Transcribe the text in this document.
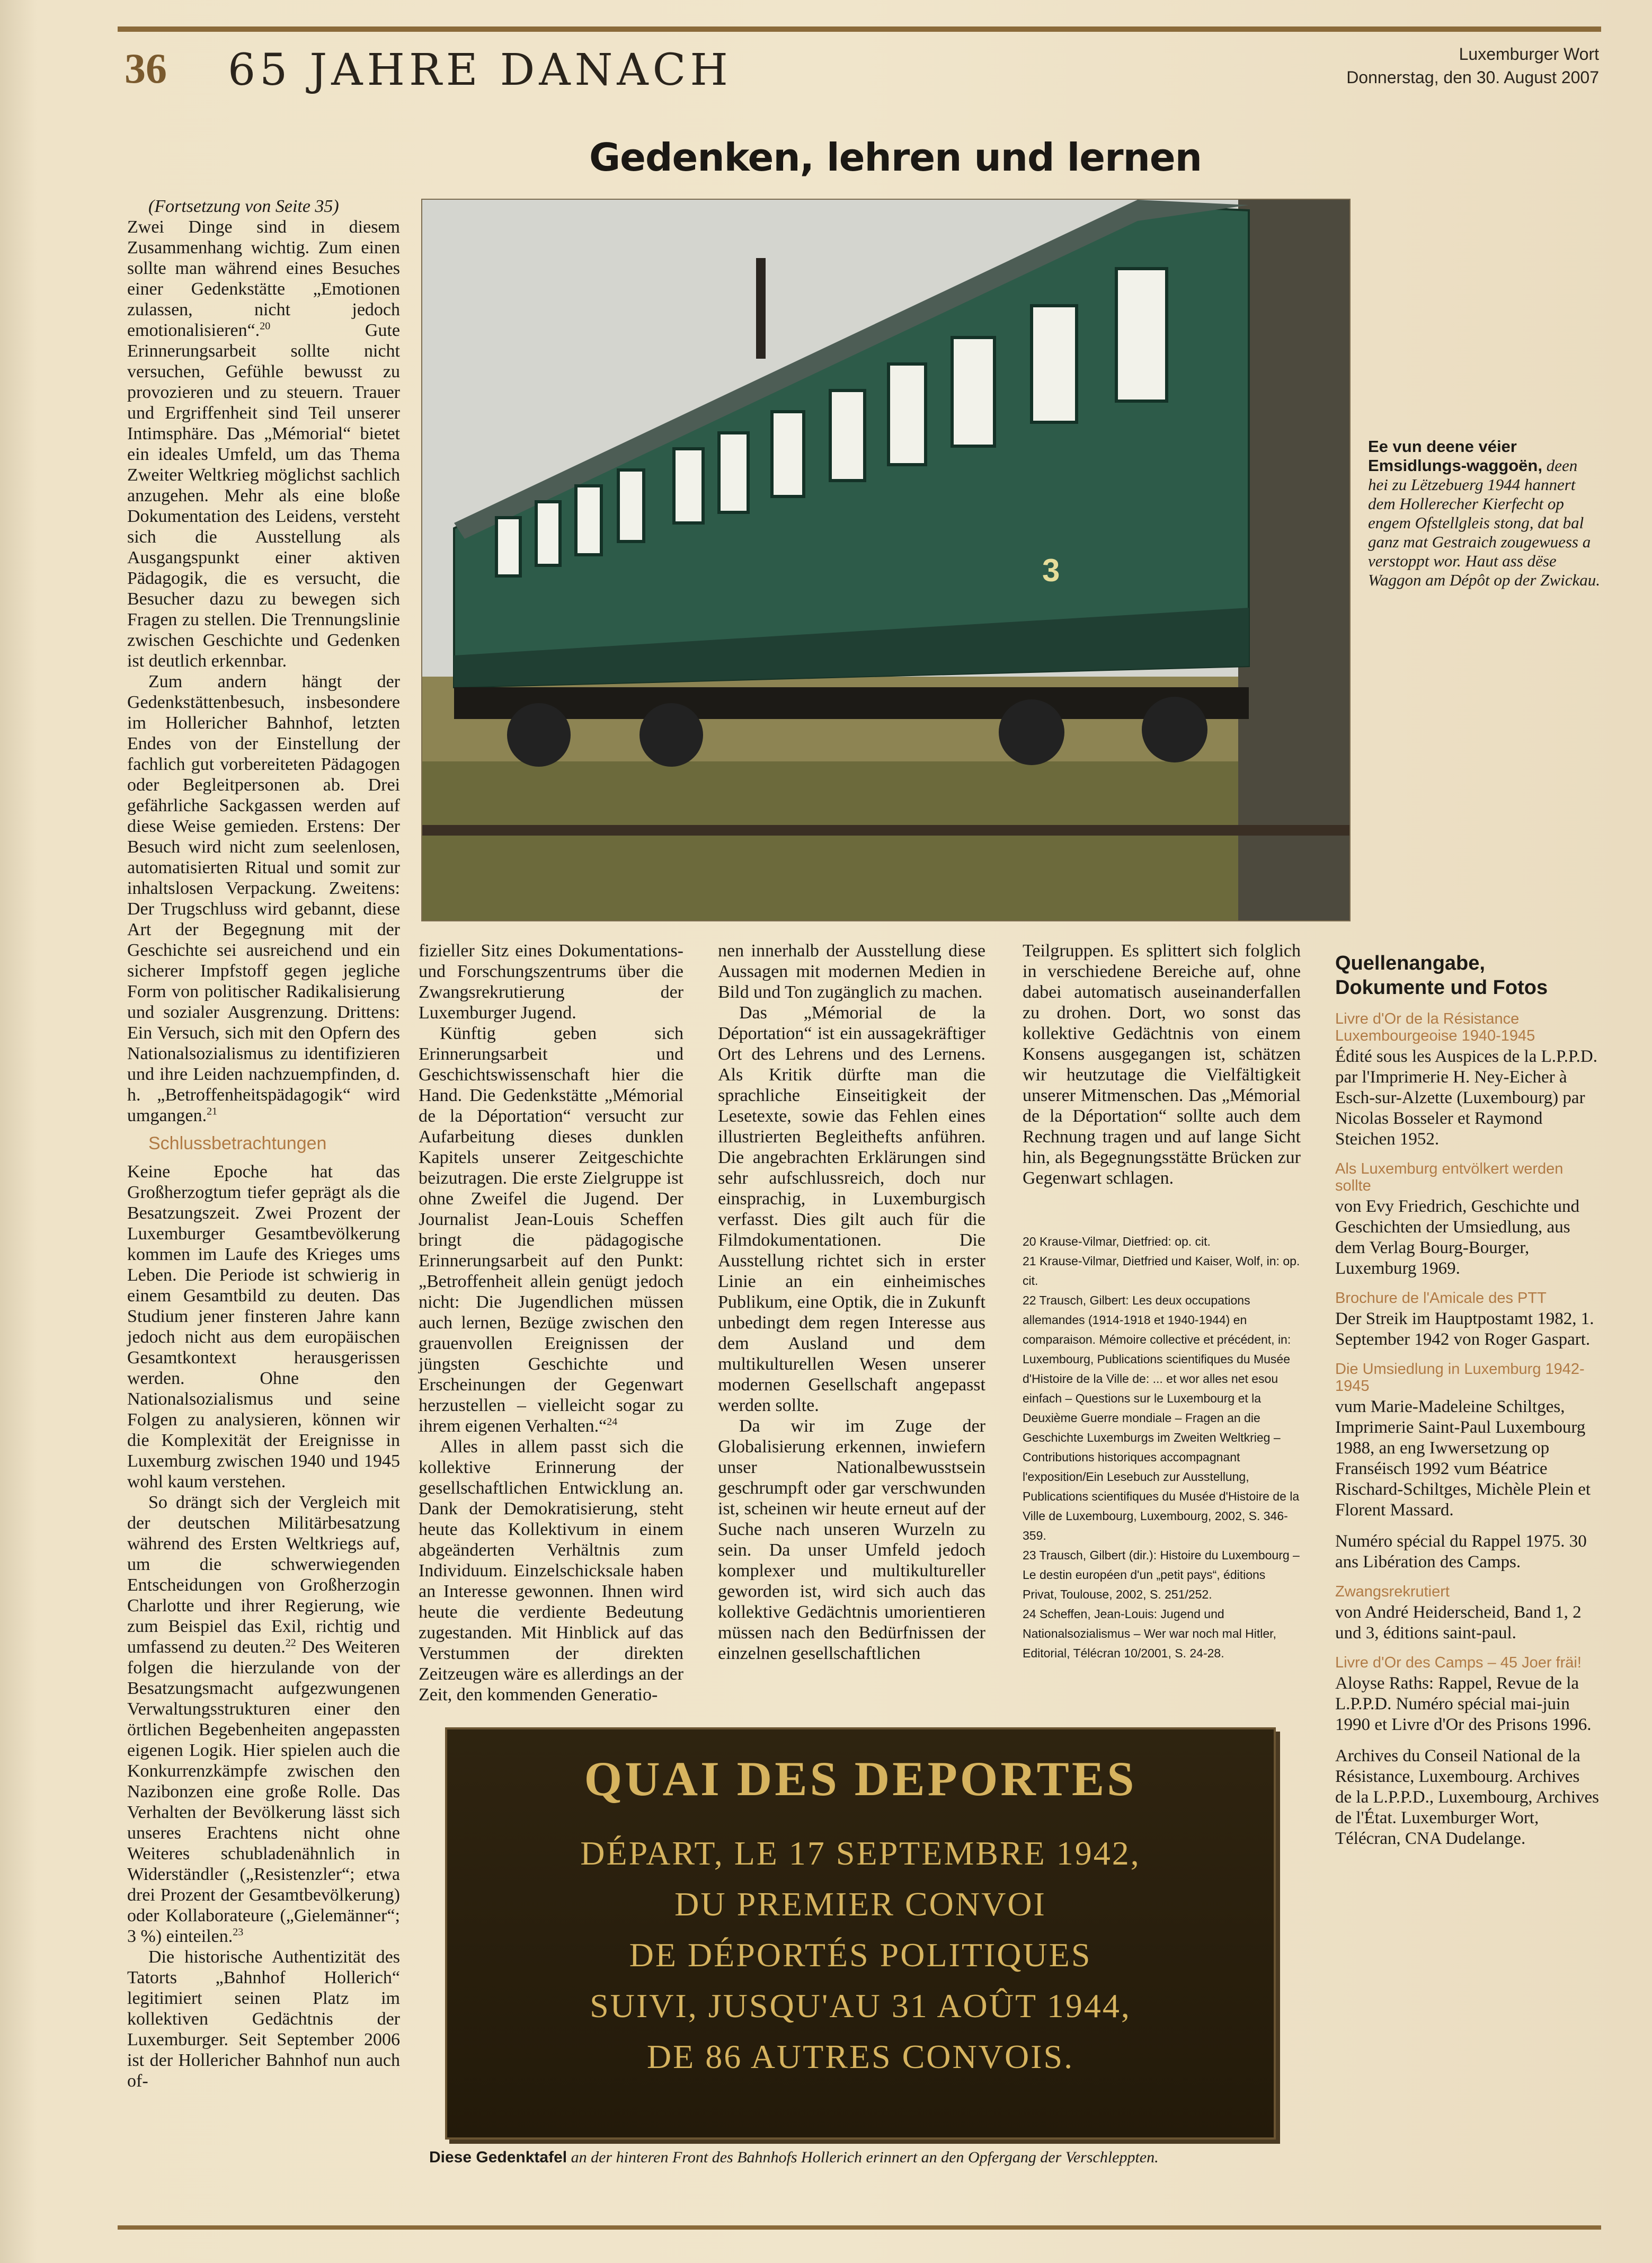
36 65 JAHRE DANACH	Luxemburger Wort
Donnerstag, den 30. August 2007
Gedenken, lehren und lernen
3
Ee vun deene véier Emsidlungs-waggoën, deen hei zu Lëtzebuerg 1944 hannert dem Hollerecher Kierfecht op engem Ofstellgleis stong, dat bal ganz mat Gestraich zougewuess a verstoppt wor. Haut ass dëse Waggon am Dépôt op der Zwickau.

(Fortsetzung von Seite 35)

Zwei Dinge sind in diesem Zusammenhang wichtig. Zum einen sollte man während eines Besuches einer Gedenkstätte „Emotionen zulassen, nicht jedoch emotionalisieren“.$^{20}$ Gute Erinnerungsarbeit sollte nicht versuchen, Gefühle bewusst zu provozieren und zu steuern. Trauer und Ergriffenheit sind Teil unserer Intimsphäre. Das „Mémorial“ bietet ein ideales Umfeld, um das Thema Zweiter Weltkrieg möglichst sachlich anzugehen. Mehr als eine bloße Dokumentation des Leidens, versteht sich die Ausstellung als Ausgangspunkt einer aktiven Pädagogik, die es versucht, die Besucher dazu zu bewegen sich Fragen zu stellen. Die Trennungslinie zwischen Geschichte und Gedenken ist deutlich erkennbar.

Zum andern hängt der Gedenkstättenbesuch, insbesondere im Hollericher Bahnhof, letzten Endes von der Einstellung der fachlich gut vorbereiteten Pädagogen oder Begleitpersonen ab. Drei gefährliche Sackgassen werden auf diese Weise gemieden. Erstens: Der Besuch wird nicht zum seelenlosen, automatisierten Ritual und somit zur inhaltslosen Verpackung. Zweitens: Der Trugschluss wird gebannt, diese Art der Begegnung mit der Geschichte sei ausreichend und ein sicherer Impfstoff gegen jegliche Form von politischer Radikalisierung und sozialer Ausgrenzung. Drittens: Ein Versuch, sich mit den Opfern des Nationalsozialismus zu identifizieren und ihre Leiden nachzuempfinden, d. h. „Betroffenheitspädagogik“ wird umgangen.$^{21}$

Schlussbetrachtungen

Keine Epoche hat das Großherzogtum tiefer geprägt als die Besatzungszeit. Zwei Prozent der Luxemburger Gesamtbevölkerung kommen im Laufe des Krieges ums Leben. Die Periode ist schwierig in einem Gesamtbild zu deuten. Das Studium jener finsteren Jahre kann jedoch nicht aus dem europäischen Gesamtkontext herausgerissen werden. Ohne den Nationalsozialismus und seine Folgen zu analysieren, können wir die Komplexität der Ereignisse in Luxemburg zwischen 1940 und 1945 wohl kaum verstehen.

So drängt sich der Vergleich mit der deutschen Militärbesatzung während des Ersten Weltkriegs auf, um die schwerwiegenden Entscheidungen von Großherzogin Charlotte und ihrer Regierung, wie zum Beispiel das Exil, richtig und umfassend zu deuten.$^{22}$ Des Weiteren folgen die hierzulande von der Besatzungsmacht aufgezwungenen Verwaltungsstrukturen einer den örtlichen Begebenheiten angepassten eigenen Logik. Hier spielen auch die Konkurrenzkämpfe zwischen den Nazibonzen eine große Rolle. Das Verhalten der Bevölkerung lässt sich unseres Erachtens nicht ohne Weiteres schubladenähnlich in Widerständler („Resistenzler“; etwa drei Prozent der Gesamtbevölkerung) oder Kollaborateure („Gielemänner“; 3 %) einteilen.$^{23}$

Die historische Authentizität des Tatorts „Bahnhof Hollerich“ legitimiert seinen Platz im kollektiven Gedächtnis der Luxemburger. Seit September 2006 ist der Hollericher Bahnhof nun auch of-

fizieller Sitz eines Dokumentations- und Forschungszentrums über die Zwangsrekrutierung der Luxemburger Jugend.

Künftig geben sich Erinnerungsarbeit und Geschichtswissenschaft hier die Hand. Die Gedenkstätte „Mémorial de la Déportation“ versucht zur Aufarbeitung dieses dunklen Kapitels unserer Zeitgeschichte beizutragen. Die erste Zielgruppe ist ohne Zweifel die Jugend. Der Journalist Jean-Louis Scheffen bringt die pädagogische Erinnerungsarbeit auf den Punkt: „Betroffenheit allein genügt jedoch nicht: Die Jugendlichen müssen auch lernen, Bezüge zwischen den grauenvollen Ereignissen der jüngsten Geschichte und Erscheinungen der Gegenwart herzustellen – vielleicht sogar zu ihrem eigenen Verhalten.“$^{24}$

Alles in allem passt sich die kollektive Erinnerung der gesellschaftlichen Entwicklung an. Dank der Demokratisierung, steht heute das Kollektivum in einem abgeänderten Verhältnis zum Individuum. Einzelschicksale haben an Interesse gewonnen. Ihnen wird heute die verdiente Bedeutung zugestanden. Mit Hinblick auf das Verstummen der direkten Zeitzeugen wäre es allerdings an der Zeit, den kommenden Generatio-

nen innerhalb der Ausstellung diese Aussagen mit modernen Medien in Bild und Ton zugänglich zu machen.

Das „Mémorial de la Déportation“ ist ein aussagekräftiger Ort des Lehrens und des Lernens. Als Kritik dürfte man die sprachliche Einseitigkeit der Lesetexte, sowie das Fehlen eines illustrierten Begleithefts anführen. Die angebrachten Erklärungen sind sehr aufschlussreich, doch nur einsprachig, in Luxemburgisch verfasst. Dies gilt auch für die Filmdokumentationen. Die Ausstellung richtet sich in erster Linie an ein einheimisches Publikum, eine Optik, die in Zukunft unbedingt dem regen Interesse aus dem Ausland und dem multikulturellen Wesen unserer modernen Gesellschaft angepasst werden sollte.

Da wir im Zuge der Globalisierung erkennen, inwiefern unser Nationalbewusstsein geschrumpft oder gar verschwunden ist, scheinen wir heute erneut auf der Suche nach unseren Wurzeln zu sein. Da unser Umfeld jedoch komplexer und multikultureller geworden ist, wird sich auch das kollektive Gedächtnis umorientieren müssen nach den Bedürfnissen der einzelnen gesellschaftlichen

Teilgruppen. Es splittert sich folglich in verschiedene Bereiche auf, ohne dabei automatisch auseinanderfallen zu drohen. Dort, wo sonst das kollektive Gedächtnis von einem Konsens ausgegangen ist, schätzen wir heutzutage die Vielfältigkeit unserer Mitmenschen. Das „Mémorial de la Déportation“ sollte auch dem Rechnung tragen und auf lange Sicht hin, als Begegnungsstätte Brücken zur Gegenwart schlagen.

20 Krause-Vilmar, Dietfried: op. cit.
21 Krause-Vilmar, Dietfried und Kaiser, Wolf, in: op. cit.
22 Trausch, Gilbert: Les deux occupations allemandes (1914-1918 et 1940-1944) en comparaison. Mémoire collective et précédent, in: Luxembourg, Publications scientifiques du Musée d'Histoire de la Ville de: ... et wor alles net esou einfach – Questions sur le Luxembourg et la Deuxième Guerre mondiale – Fragen an die Geschichte Luxemburgs im Zweiten Weltkrieg – Contributions historiques accompagnant l'exposition/Ein Lesebuch zur Ausstellung, Publications scientifiques du Musée d'Histoire de la Ville de Luxembourg, Luxembourg, 2002, S. 346-359.
23 Trausch, Gilbert (dir.): Histoire du Luxembourg – Le destin européen d'un „petit pays“, éditions Privat, Toulouse, 2002, S. 251/252.
24 Scheffen, Jean-Louis: Jugend und Nationalsozialismus – Wer war noch mal Hitler, Editorial, Télécran 10/2001, S. 24-28.
Quellenangabe, Dokumente und Fotos
Livre d'Or de la Résistance Luxembourgeoise 1940-1945
Édité sous les Auspices de la L.P.P.D. par l'Imprimerie H. Ney-Eicher à Esch-sur-Alzette (Luxembourg) par Nicolas Bosseler et Raymond Steichen 1952.
Als Luxemburg entvölkert werden sollte
von Evy Friedrich, Geschichte und Geschichten der Umsiedlung, aus dem Verlag Bourg-Bourger, Luxemburg 1969.
Brochure de l'Amicale des PTT
Der Streik im Hauptpostamt 1982, 1. September 1942 von Roger Gaspart.
Die Umsiedlung in Luxemburg 1942-1945
vum Marie-Madeleine Schiltges, Imprimerie Saint-Paul Luxembourg 1988, an eng Iwwersetzung op Franséisch 1992 vum Béatrice Rischard-Schiltges, Michèle Plein et Florent Massard.
Numéro spécial du Rappel 1975. 30 ans Libération des Camps.
Zwangsrekrutiert
von André Heiderscheid, Band 1, 2 und 3, éditions saint-paul.
Livre d'Or des Camps – 45 Joer fräi!
Aloyse Raths: Rappel, Revue de la L.P.P.D. Numéro spécial mai-juin 1990 et Livre d'Or des Prisons 1996.
Archives du Conseil National de la Résistance, Luxembourg. Archives de la L.P.P.D., Luxembourg, Archives de l'État. Luxemburger Wort, Télécran, CNA Dudelange.
QUAI DES DEPORTES
DÉPART, LE 17 SEPTEMBRE 1942,
DU PREMIER CONVOI
DE DÉPORTÉS POLITIQUES
SUIVI, JUSQU'AU 31 AOÛT 1944,
DE 86 AUTRES CONVOIS.
Diese Gedenktafel an der hinteren Front des Bahnhofs Hollerich erinnert an den Opfergang der Verschleppten.
